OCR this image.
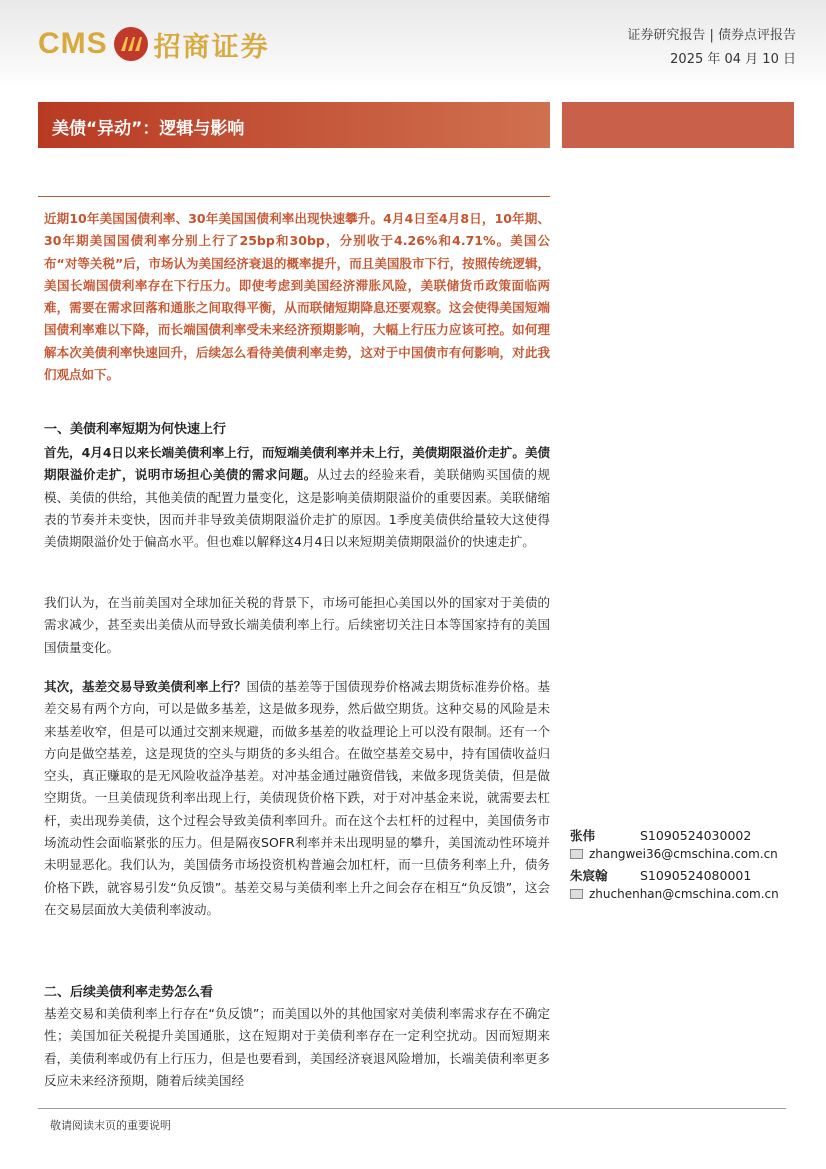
CMS 招商证券	证券研究报告 | 债券点评报告
2025 年 04 月 10 日
美债“异动”：逻辑与影响
近期10年美国国债利率、30年美国国债利率出现快速攀升。4月4日至4月8日，10年期、30年期美国国债利率分别上行了25bp和30bp，分别收于4.26%和4.71%。美国公布“对等关税”后，市场认为美国经济衰退的概率提升，而且美国股市下行，按照传统逻辑，美国长端国债利率存在下行压力。即使考虑到美国经济滞胀风险，美联储货币政策面临两难，需要在需求回落和通胀之间取得平衡，从而联储短期降息还要观察。这会使得美国短端国债利率难以下降，而长端国债利率受未来经济预期影响，大幅上行压力应该可控。如何理解本次美债利率快速回升，后续怎么看待美债利率走势，这对于中国债市有何影响，对此我们观点如下。
一、美债利率短期为何快速上行
首先，4月4日以来长端美债利率上行，而短端美债利率并未上行，美债期限溢价走扩。美债期限溢价走扩，说明市场担心美债的需求问题。从过去的经验来看，美联储购买国债的规模、美债的供给，其他美债的配置力量变化，这是影响美债期限溢价的重要因素。美联储缩表的节奏并未变快，因而并非导致美债期限溢价走扩的原因。1季度美债供给量较大这使得美债期限溢价处于偏高水平。但也难以解释这4月4日以来短期美债期限溢价的快速走扩。
我们认为，在当前美国对全球加征关税的背景下，市场可能担心美国以外的国家对于美债的需求减少，甚至卖出美债从而导致长端美债利率上行。后续密切关注日本等国家持有的美国国债量变化。
其次，基差交易导致美债利率上行？国债的基差等于国债现券价格减去期货标准券价格。基差交易有两个方向，可以是做多基差，这是做多现券，然后做空期货。这种交易的风险是未来基差收窄，但是可以通过交割来规避，而做多基差的收益理论上可以没有限制。还有一个方向是做空基差，这是现货的空头与期货的多头组合。在做空基差交易中，持有国债收益归空头，真正赚取的是无风险收益净基差。对冲基金通过融资借钱，来做多现货美债，但是做空期货。一旦美债现货利率出现上行，美债现货价格下跌，对于对冲基金来说，就需要去杠杆，卖出现券美债，这个过程会导致美债利率回升。而在这个去杠杆的过程中，美国债务市场流动性会面临紧张的压力。但是隔夜SOFR利率并未出现明显的攀升，美国流动性环境并未明显恶化。我们认为，美国债务市场投资机构普遍会加杠杆，而一旦债务利率上升，债务价格下跌，就容易引发“负反馈”。基差交易与美债利率上升之间会存在相互“负反馈”，这会在交易层面放大美债利率波动。
二、后续美债利率走势怎么看
基差交易和美债利率上行存在“负反馈”；而美国以外的其他国家对美债利率需求存在不确定性；美国加征关税提升美国通胀，这在短期对于美债利率存在一定利空扰动。因而短期来看，美债利率或仍有上行压力，但是也要看到，美国经济衰退风险增加，长端美债利率更多反应未来经济预期，随着后续美国经
张伟	S1090524030002
zhangwei36@cmschina.com.cn
朱宸翰	S1090524080001
zhuchenhan@cmschina.com.cn
敬请阅读末页的重要说明
